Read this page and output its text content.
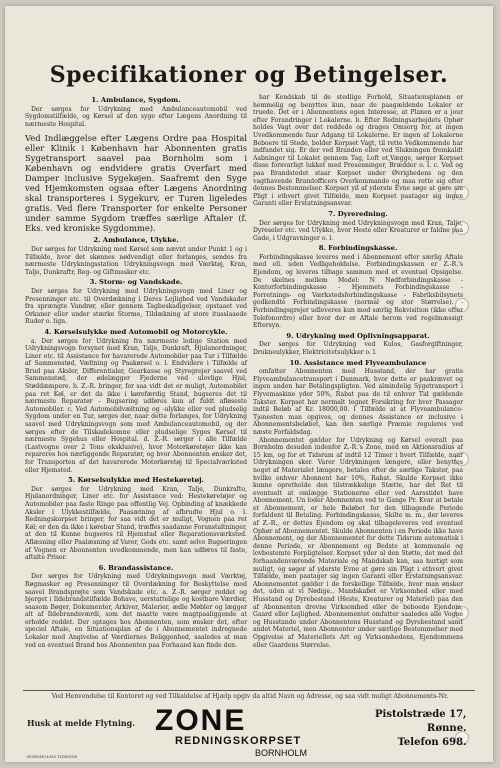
Specifikationer og Betingelser.
1. Ambulance, Sygdom.

Der sørges for Udrykning med Ambulanceautomobil ved Sygdomstilfælde, og Kørsel af den syge efter Lægens Anordning til nærmeste Hospital.

Ved Indlæggelse efter Lægens Ordre paa Hospital eller Klinik i København har Abonnenten gratis Sygetransport saavel paa Bornholm som i København og endvidere gratis Overfart med Damper inclusive Sygekøjen. Saafremt den Syge ved Hjemkomsten ogsaa efter Lægens Anordning skal transporteres i Sygekurv, er Turen ligeledes gratis. Ved flere Transporter for enkelte Personer under samme Sygdom træffes særlige Aftaler (f. Eks. ved kroniske Sygdomme).
2. Ambulance, Ulykke.

Der sørges for Udrykning med Kørsel som nævnt under Punkt 1 og i Tilfælde, hvor det skønnes nødvendigt eller forlanges, sendes fra nærmeste Udrykningsstation Udrykningsvogn med Værktøj, Kran, Talje, Dunkraftr, Reg- og Giftmasker etc.

3. Storm- og Vandskade.

Der sørges for Udrykning med Udrykningsvogn med Liner og Presenninger etc. til Overdækning i Deres Lejlighed ved Vandskader fra sprængte Vandrør, eller gennem Tagbeskadigelser, opstaaet ved Orkaner eller under stærke Storme, Tildækning af store itusslaaede Ruder o. lign.

4. Kørselsulykke med Automobil og Motorcykle.

a. Der sørges for Udrykning fra nærmeste ledige Station med Udrykningsvogn forsynet med Kran, Talje, Dunkraft, Hjulanordninger, Liner etc. til Assistance for havarerede Automobiler paa Tur i Tilfælde af Sammenstød, Væltning og Paakørsel o. l. Endvidere i Tilfælde af Brud paa Aksler, Differentialer, Gearkasse og Styregrejer saavel ved Sammenstød, der ødelægger Fjederne ved ulovlige Hjul, Støddæmpere. b. Z.-R. bringer, for saa vidt det er muligt, Automobilet paa ret Køl, er det da ikke i kørefærdig Stand, bugseres det til nærmeste Reparatør – Bugsering udføres kun af fuldt afløseste Automobiler. c. Ved Automobilvæltning og -ulykke eller ved pludselig Sygdom under en Tur, sørges der, naar dette forlanges, for Udrykning saavel med Udrykningsvogn som med Ambulanceautomobil, og der sørges efter de Tilskadekomne eller pludselige Syges Kørsel til nærmeste Sygehus eller Hospital. d. Z.-R. sørger i alle Tilfælde (Lastvogne over 2 Tons eksklusive), hvor Motorkøretøjer ikke kan repareres hos nærliggende Reparatør, og hvor Abonnenten ønsker det, for Transporten af det havarerede Motorkøretøj til Specialværksted eller Hjemsted.

5. Kørselsulykke med Hestekøretøj.

Der sørges for Udrykning med Kran, Talje, Dunkrafto, Hjulanordninger, Liner etc. for Assistance ved: Hestekøretøjer og Automobiler paa faste Ringe paa offentlig Vej. Opbinding af knækkede Aksler i Ulykkestilfælde, Paasætning af afbrudte Hjul o. l. Redningskorpset bringer, for saa vidt det er muligt, Vognen paa ret Køl; er den da ikke i kørebar Stand, træffes saadanne Foranstaltninger, at den til Kunne bugseres til Hjemstad eller Reparationsværksted. Aflæsning eller Paalæsning af Varer, Gods etc. samt selve Bugseringen af Vognen er Abonnenten uvedkommende, men kan udføres til faste, aftalte Priser.

6. Brandassistance.

Der sørges for Udrykning med Udrykningsvogn med Værktøj, Røgmasker og Presenninger til Overdækning for Beskyttelse mod saavel Brandsprøjte som Vandskade etc. a. Z.-R. sørger reddet og bjerget i Ildebrandstilfælde Bohave, uerstattelige og kostbare Værdier, saasom Bøger, Dokumenter, Arkiver, Malerier, ædle Møbler og lægger alt af Ildebrandsværdi, som det maatte være magtpaaliggende at erholde reddet. Der optages hos Abonnenten, som ønsker det, efter speciel Aftale, en Situationsplan af de i Abonnementet indregnede Lokaler med Angivelse af Værdiernes Beliggenhed, saaledes at man ved en eventuel Brand hos Abonnenten paa Forhaand kan finde den.

har Kendskab til de stedlige Forhold, Situationsplanen er hemmelig og benyttes kun, naar de paagældende Lokaler er truede. Det er i Abonnentens egen Interesse, at Planen er a jour efter Forandringer i Lokalerne. b. Efter Redningsarbejdets Ophør holdes Vagt over det reddede og drages Omsorg for, at ingen Uvedkommende faar Adgang til Lokalerne. Er ingen af Lokalerne Beboere til Stede, bolder Korpset Vagt, til rette Vedkommende har indfundet sig. Er der ved Branden eller ved Slukningen fremkaldt Aabninger til Lokalet gennem Tag, Loft et,Vægge, sørger Korpset disse forsvarligt lukket med Presenninger, Brædder o. l. c. Ved og paa Brandstedet staar Korpset under Øvrighedens og den vagthavende Brandofficers Overkommando og maa rette sig efter dennes Bestemmelser. Korpset yil af yderste Evne søge at gøre sin Pligt i ethvert givet Tilfælde, men Korpset paatager sig ingen Garanti eller Erstatningsansvar.

7. Dyreredning.

Der sørges for Udrykning med Udrykningsvogn med Kran, Talje, Dyreseler etc. ved Ulykke, hvor Heste eller Kreaturer er faldne paa Gade, i Udgravninger o. l.

8. Forbindingskasse.

Forbindingskasse leveres med i Abonnement efter særlig Aftale med ell. uden Vedligeholdelse. Forbindingskassen er Z.-R.'s Ejendom, og leveres tilbage sammen med et eventuel Opsigelse. De skelnes mellem Model: N Nødforbindingskasse - Kontorforbindingskasse - Hjemmets Forbindingskasse - Forretnings- og Værkstedsforbindingskasse - Fabriksbilsynets godkendte Forbindingskasse (normal og stor Størrelse). - Forbindingsgrejer udleveres kun mod særlig Rekvisition (ikke efter Telefonordre) eller hvor der er Aftale herom ved regelmæssigt Eftersyn.

9. Udrykning med Oplivningsapparat.

Der sørges for Udrykning ved Kulos, Gasforgiftninger, Drukneulykker, Elektricitetsulykker o. l.

10. Assistance med Flyveambulance

omfatter Abonnenten med Husstand, der har gratis Flyveambulancetransport i Danmark, hvor dette er paakrævet og ingen anden har Betalingspligten. Ved almindelig Sygetransport i Flyvemaskine yder 50%, Rabat paa de til enhver Tid gældende Takster. Korpset har normalt tegnet Forsikring for hver Passager indtil Beløb af Kr. 18000,00. I Tilfælde at at Flyveambulance-Tjenesten man opgives, og dennes Assistance er inclusive i Abonnementsbeløbet, kan den særlige Præmie reguleres ved næste Forfaldsdag.

Abonnementet gælder for Udrykning og Kørsel overalt paa Bornholm desuden indenfor Z.-R.'s Zone, med en Aktionsradius af 15 km, og for et Tidsrum af indtil 12 Timer i hvert Tilfælde, naar Udrykningen sker. Varer Udrykningen længere, eller benyttes noget af Materialet længere, betales efter de særlige Takster, paa hvilke enhver Abonnent har 10%, Rabat. Skulde Korpset ikke kunne opretholde den tilstrækkelige Stætte, har det Ret til eventuelt at omlægge Stationerne eller ved Aarsstidet have Abonnement. Un loder Abonnenten ved to Gange Pr. Kvar at betale et Abonnement, er hele Beløbet for den tilbagende Periode forfaldent til Betaling. Forbindingskasse, Skilte m. m., der leveres af Z.-R., er dettes Ejendom og skal tilbageleveres ved eventuel Ophør af Abonnementet. Skulde Abonnenten i en Periode ikke have Abonnement, og der Abonnementet for dette Tidsrum automatisk i denne Periode, er Abonnement og Bedste at kommunale og lovbestemte Forpligtelser. Korpset yder al den Støtte, det med det forhaandenværende Materiale og Mandskab kan, saa hurtigt som muligt, og søger af yderste Evne at gøre sin Pligt i ethvert givet Tilfælde, men paatager sig ingen Garanti eller Erstatningsansvar. Abonnementet gælder i de forskellige Tilfælde, hvor man ønsker det, uden at vi Nødige.. Mandskabet er Virksomhed eller med Husstand og Dyrebestand (Heste, Kreaturer og Materiel) paa den af Abonnenten drevne Virksomhed eller de beboede Ejendom, Gaard eller Lejlighed. Abonnementet omfatter saaledes alle Vogne og Husstande under Abonnentens Husstand og Dyrebestand samt andet Materiel, men Abonnenter under særlige Bestemmelser med Opgivelse af Materiellets Art og Virksomhedens, Ejendommens eller Gaardens Størrelse.

Ved Henvendelse til Kontoret og ved Tilkaldelse af Hjælp opgiv da altid Navn og Adresse, og saa vidt muligt Abonnements-Nr.
Husk at melde Flytning. ZONE
REDNINGSKORPSET
BORNHOLM
Pistolstræde 17,
Rønne.
Telefon 698.
BORNHOLMS TIDENDE
